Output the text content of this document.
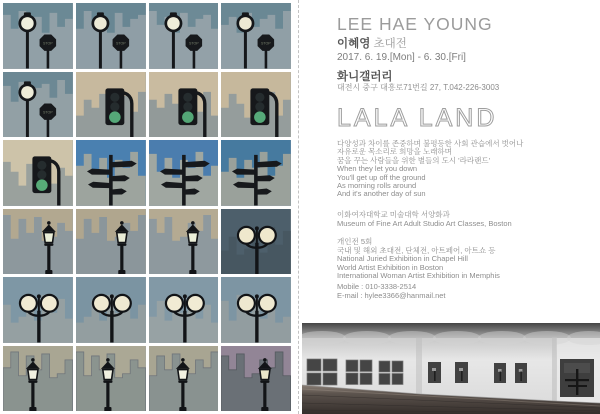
STOP	STOP	STOP	STOP
STOP
LEE HAE YOUNG
이혜영 초대전
2017. 6. 19.[Mon] - 6. 30.[Fri]
화니갤러리
대전시 중구 대흥로71번길 27, T.042-226-3003
LALA LAND
다양성과 차이를 존중하며 불평등한 사회 관습에서 벗어나
자유로운 목소리로 희망을 노래하며
꿈을 꾸는 사람들을 위한 별들의 도시 '라라랜드'
When they let you down
You'll get up off the ground
As morning rolls around
And it's another day of sun
이화여자대학교 미술대학 서양화과
Museum of Fine Art Adult Studio Art Classes, Boston
개인전 5회
국내 및 해외 초대전, 단체전, 아트페어, 아트쇼 등
National Juried Exhibition in Chapel Hill
World Artist Exhibition in Boston
International Woman Artist Exhibition in Memphis
Mobile : 010-3338-2514
E-mail : hylee3366@hanmail.net
